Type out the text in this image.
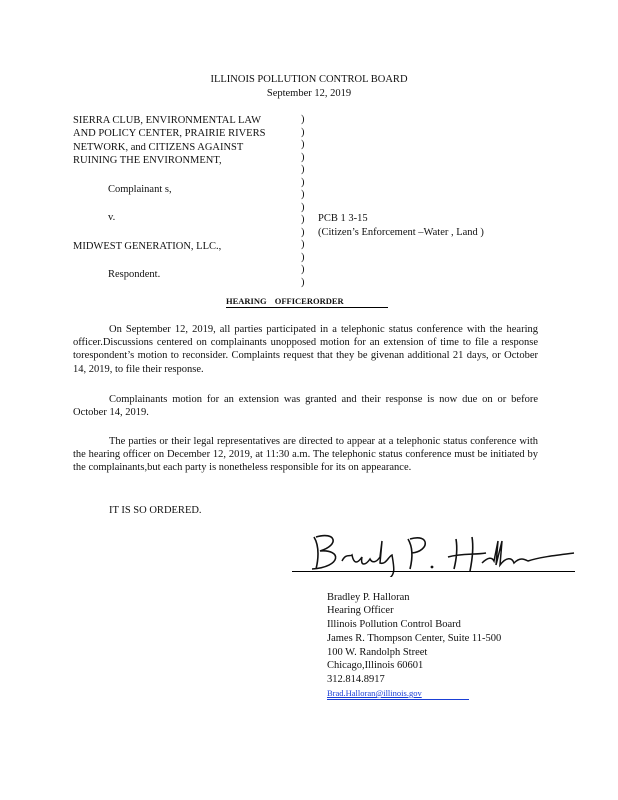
ILLINOIS POLLUTION CONTROL BOARD
September 12, 2019
SIERRA CLUB, ENVIRONMENTAL LAW
AND POLICY CENTER, PRAIRIE RIVERS
NETWORK, and CITIZENS AGAINST
RUINING THE ENVIRONMENT,
Complainant s,
v.
MIDWEST GENERATION, LLC.,
Respondent.
)
)
)
)
)
)
)
)
)
)
)
)
)
)
PCB 1 3-15
(Citizen’s Enforcement –Water , Land )
HEARING OFFICERORDER
On September 12, 2019, all parties participated in a telephonic status conference with the hearing officer.Discussions centered on complainants unopposed motion for an extension of time to file a response torespondent’s motion to reconsider. Complaints request that they be givenan additional 21 days, or October 14, 2019, to file their response.
Complainants motion for an extension was granted and their response is now due on or before October 14, 2019.
The parties or their legal representatives are directed to appear at a telephonic status conference with the hearing officer on December 12, 2019, at 11:30 a.m. The telephonic status conference must be initiated by the complainants,but each party is nonetheless responsible for its on appearance.
IT IS SO ORDERED.
Bradley P. Halloran
Hearing Officer
Illinois Pollution Control Board
James R. Thompson Center, Suite 11-500
100 W. Randolph Street
Chicago,Illinois 60601
312.814.8917
Brad.Halloran@illinois.gov
